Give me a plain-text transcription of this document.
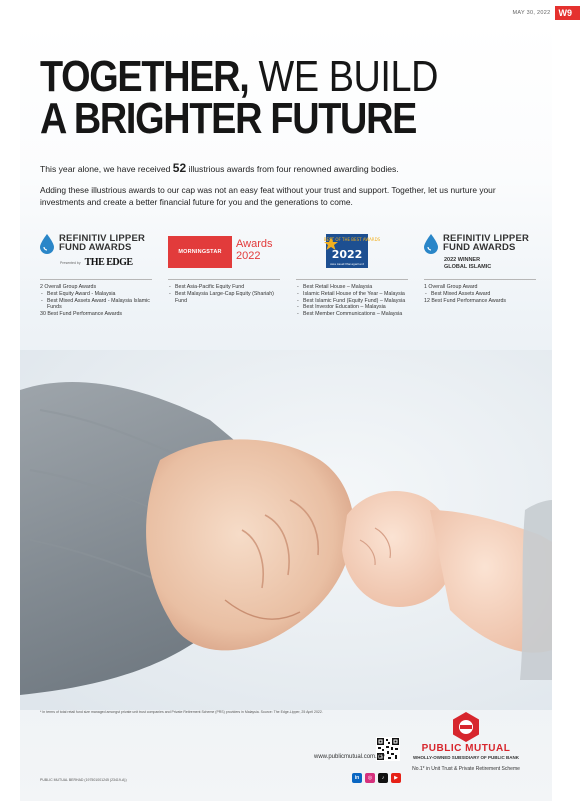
MAY 30, 2022 W9
TOGETHER, WE BUILD
A BRIGHTER FUTURE

This year alone, we have received 52 illustrious awards from four renowned awarding bodies.

Adding these illustrious awards to our cap was not an easy feat without your trust and support. Together, let us nurture your investments and create a better financial future for you and the generations to come.

REFINITIV LIPPER
FUND AWARDS
Presented by THE EDGE
2 Overall Group Awards
- Best Equity Award - Malaysia
- Best Mixed Assets Award - Malaysia Islamic Funds
30 Best Fund Performance Awards
MORNINGSTAR
Awards
2022
- Best Asia-Pacific Equity Fund
- Best Malaysia Large-Cap Equity (Shariah) Fund
BEST OF THE BEST AWARDS
2022
Asia Asset Management
- Best Retail House – Malaysia
- Islamic Retail House of the Year – Malaysia
- Best Islamic Fund (Equity Fund) – Malaysia
- Best Investor Education – Malaysia
- Best Member Communications – Malaysia
REFINITIV LIPPER
FUND AWARDS
2022 WINNER
GLOBAL ISLAMIC
1 Overall Group Award
- Best Mixed Assets Award
12 Best Fund Performance Awards

* In terms of total retail fund size managed amongst private unit trust companies and Private Retirement Scheme (PRS) providers in Malaysia. Source: The Edge-Lipper, 25 April 2022.

www.publicmutual.com.my
in	◎	♪	▶
PUBLIC MUTUAL
WHOLLY-OWNED SUBSIDIARY OF PUBLIC BANK
No.1* in Unit Trust & Private Retirement Scheme

PUBLIC MUTUAL BERHAD (197501001245 (23419-A))
